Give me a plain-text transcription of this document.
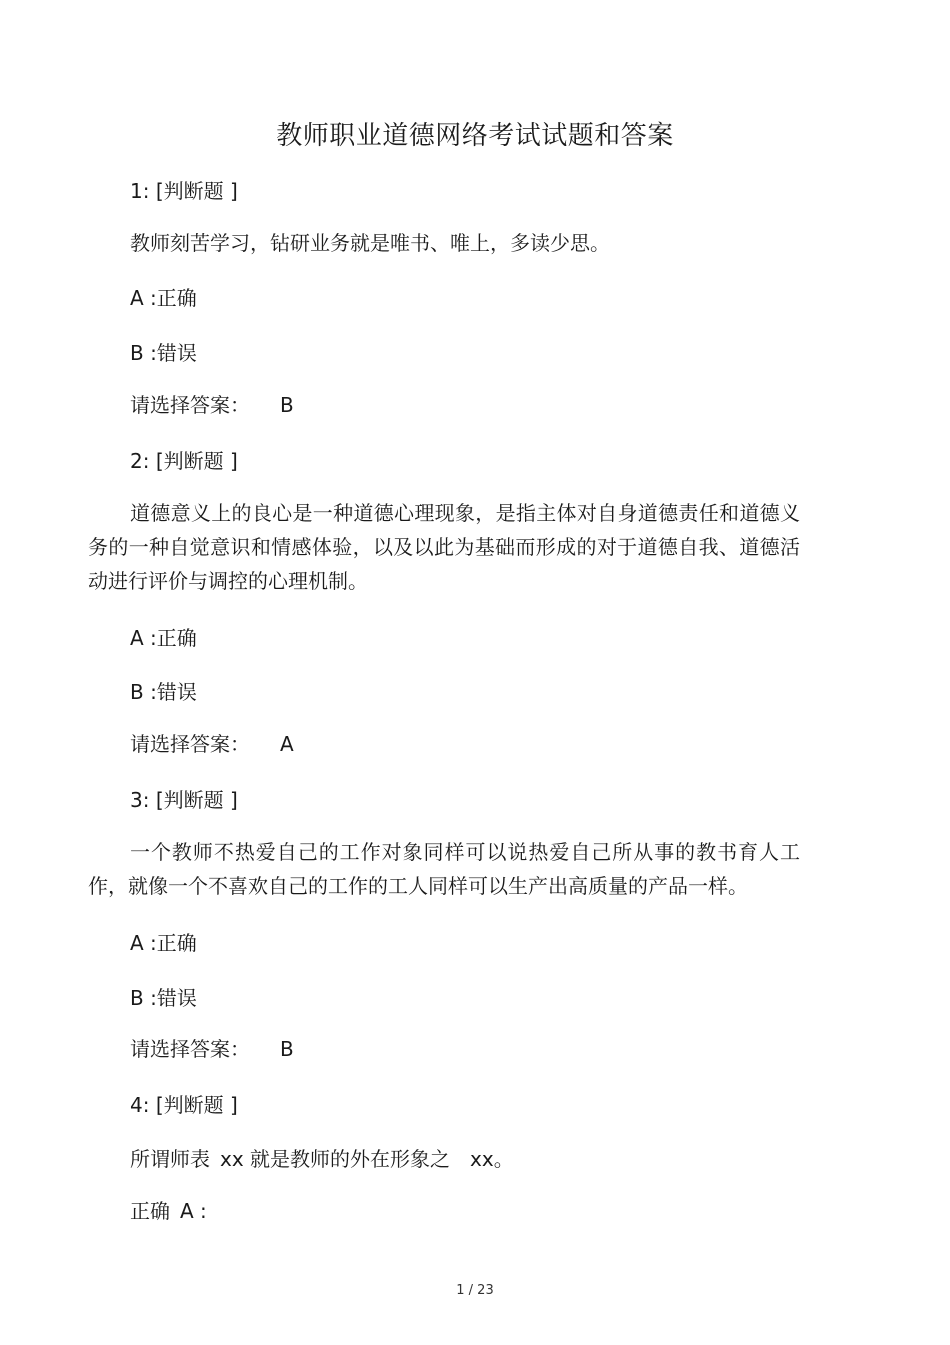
教师职业道德网络考试试题和答案

1: [判断题 ]

教师刻苦学习，钻研业务就是唯书、唯上，多读少思。

A :正确

B :错误

请选择答案： B

2: [判断题 ]

道德意义上的良心是一种道德心理现象，是指主体对自身道德责任和道德义务的一种自觉意识和情感体验，以及以此为基础而形成的对于道德自我、道德活动进行评价与调控的心理机制。

A :正确

B :错误

请选择答案： A

3: [判断题 ]

一个教师不热爱自己的工作对象同样可以说热爱自己所从事的教书育人工作，就像一个不喜欢自己的工作的工人同样可以生产出高质量的产品一样。

A :正确

B :错误

请选择答案： B

4: [判断题 ]

所谓师表 xx 就是教师的外在形象之 xx。

正确 A :

1 / 23
